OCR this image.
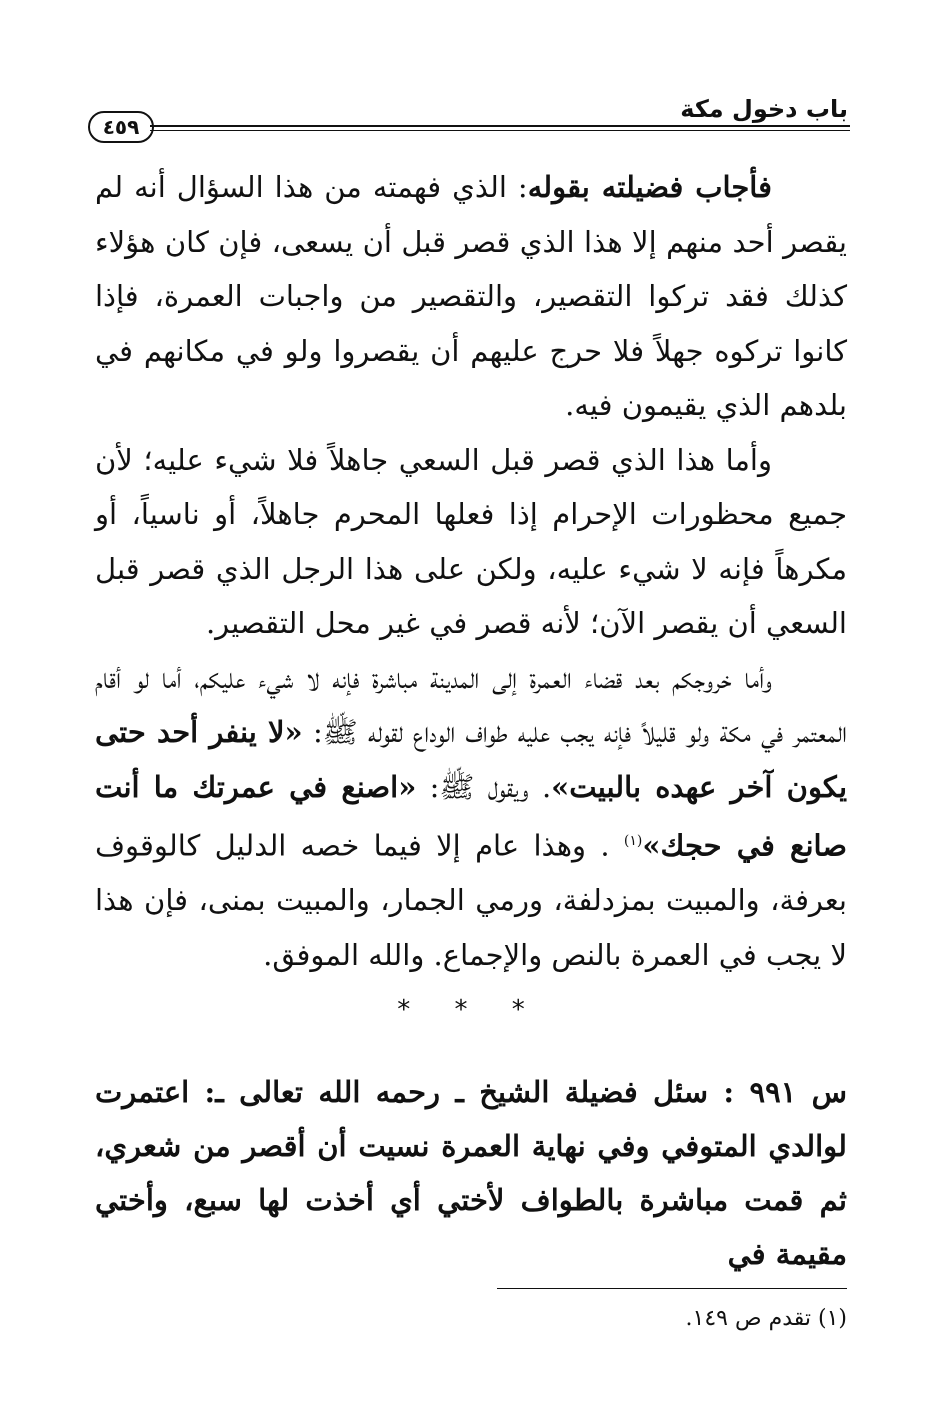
باب دخول مكة
٤٥٩

فأجاب فضيلته بقوله: الذي فهمته من هذا السؤال أنه لم يقصر أحد منهم إلا هذا الذي قصر قبل أن يسعى، فإن كان هؤلاء كذلك فقد تركوا التقصير، والتقصير من واجبات العمرة، فإذا كانوا تركوه جهلاً فلا حرج عليهم أن يقصروا ولو في مكانهم في بلدهم الذي يقيمون فيه.

وأما هذا الذي قصر قبل السعي جاهلاً فلا شيء عليه؛ لأن جميع محظورات الإحرام إذا فعلها المحرم جاهلاً، أو ناسياً، أو مكرهاً فإنه لا شيء عليه، ولكن على هذا الرجل الذي قصر قبل السعي أن يقصر الآن؛ لأنه قصر في غير محل التقصير.

وأما خروجكم بعد قضاء العمرة إلى المدينة مباشرة فإنه لا شيء عليكم، أما لو أقام المعتمر في مكة ولو قليلاً فإنه يجب عليه طواف الوداع لقوله ﷺ: «لا ينفر أحد حتى يكون آخر عهده بالبيت». ويقول ﷺ: «اصنع في عمرتك ما أنت صانع في حجك»$^{(١)}$ . وهذا عام إلا فيما خصه الدليل كالوقوف بعرفة، والمبيت بمزدلفة، ورمي الجمار، والمبيت بمنى، فإن هذا لا يجب في العمرة بالنص والإجماع. والله الموفق.

* * *

س ٩٩١ : سئل فضيلة الشيخ ـ رحمه الله تعالى ـ: اعتمرت لوالدي المتوفي وفي نهاية العمرة نسيت أن أقصر من شعري، ثم قمت مباشرة بالطواف لأختي أي أخذت لها سبع، وأختي مقيمة في

(١) تقدم ص ١٤٩.
